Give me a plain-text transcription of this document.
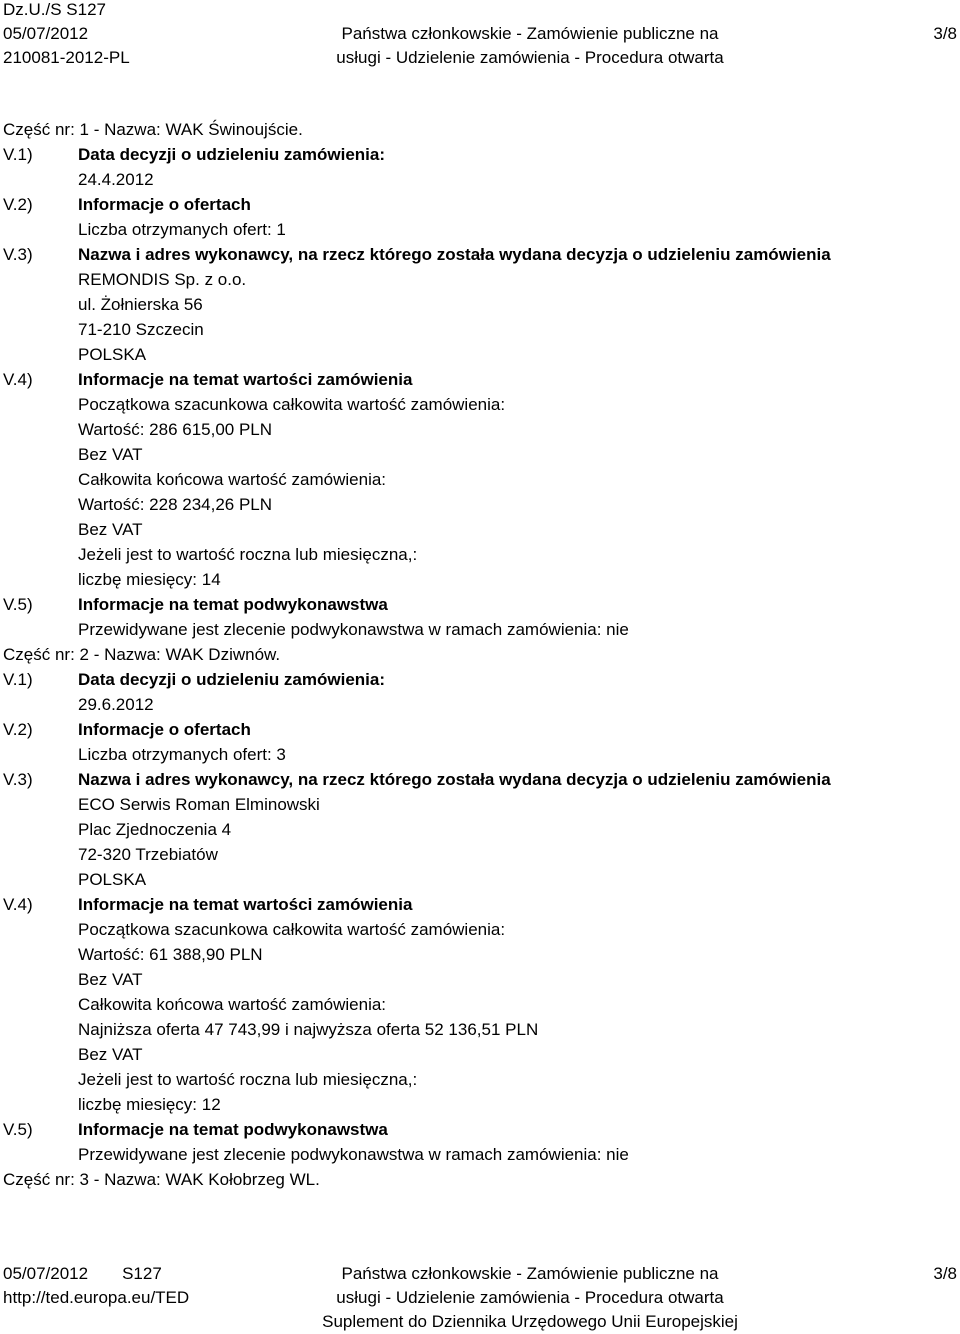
Dz.U./S S127
05/07/2012
210081-2012-PL
Państwa członkowskie - Zamówienie publiczne na
usługi - Udzielenie zamówienia - Procedura otwarta
3/8
Część nr: 1 - Nazwa: WAK Świnoujście.
V.1)	Data decyzji o udzieleniu zamówienia:
24.4.2012
V.2)	Informacje o ofertach
Liczba otrzymanych ofert: 1
V.3)	Nazwa i adres wykonawcy, na rzecz którego została wydana decyzja o udzieleniu zamówienia
REMONDIS Sp. z o.o.
ul. Żołnierska 56
71-210 Szczecin
POLSKA
V.4)	Informacje na temat wartości zamówienia
Początkowa szacunkowa całkowita wartość zamówienia:
Wartość: 286 615,00 PLN
Bez VAT
Całkowita końcowa wartość zamówienia:
Wartość: 228 234,26 PLN
Bez VAT
Jeżeli jest to wartość roczna lub miesięczna,:
liczbę miesięcy: 14
V.5)	Informacje na temat podwykonawstwa
Przewidywane jest zlecenie podwykonawstwa w ramach zamówienia: nie
Część nr: 2 - Nazwa: WAK Dziwnów.
V.1)	Data decyzji o udzieleniu zamówienia:
29.6.2012
V.2)	Informacje o ofertach
Liczba otrzymanych ofert: 3
V.3)	Nazwa i adres wykonawcy, na rzecz którego została wydana decyzja o udzieleniu zamówienia
ECO Serwis Roman Elminowski
Plac Zjednoczenia 4
72-320 Trzebiatów
POLSKA
V.4)	Informacje na temat wartości zamówienia
Początkowa szacunkowa całkowita wartość zamówienia:
Wartość: 61 388,90 PLN
Bez VAT
Całkowita końcowa wartość zamówienia:
Najniższa oferta 47 743,99 i najwyższa oferta 52 136,51 PLN
Bez VAT
Jeżeli jest to wartość roczna lub miesięczna,:
liczbę miesięcy: 12
V.5)	Informacje na temat podwykonawstwa
Przewidywane jest zlecenie podwykonawstwa w ramach zamówienia: nie
Część nr: 3 - Nazwa: WAK Kołobrzeg WL.
05/07/2012 S127
http://ted.europa.eu/TED
Państwa członkowskie - Zamówienie publiczne na
usługi - Udzielenie zamówienia - Procedura otwarta
Suplement do Dziennika Urzędowego Unii Europejskiej
3/8
